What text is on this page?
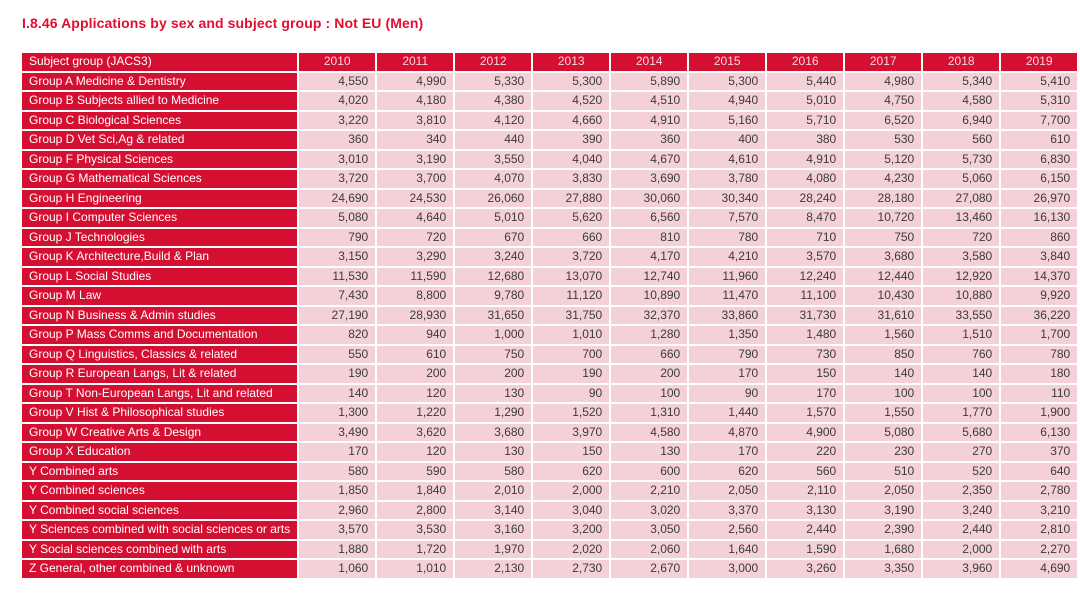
I.8.46 Applications by sex and subject group : Not EU (Men)
Subject group (JACS3)	2010	2011	2012	2013	2014	2015	2016	2017	2018	2019
Group A Medicine & Dentistry	4,550	4,990	5,330	5,300	5,890	5,300	5,440	4,980	5,340	5,410
Group B Subjects allied to Medicine	4,020	4,180	4,380	4,520	4,510	4,940	5,010	4,750	4,580	5,310
Group C Biological Sciences	3,220	3,810	4,120	4,660	4,910	5,160	5,710	6,520	6,940	7,700
Group D Vet Sci,Ag & related	360	340	440	390	360	400	380	530	560	610
Group F Physical Sciences	3,010	3,190	3,550	4,040	4,670	4,610	4,910	5,120	5,730	6,830
Group G Mathematical Sciences	3,720	3,700	4,070	3,830	3,690	3,780	4,080	4,230	5,060	6,150
Group H Engineering	24,690	24,530	26,060	27,880	30,060	30,340	28,240	28,180	27,080	26,970
Group I Computer Sciences	5,080	4,640	5,010	5,620	6,560	7,570	8,470	10,720	13,460	16,130
Group J Technologies	790	720	670	660	810	780	710	750	720	860
Group K Architecture,Build & Plan	3,150	3,290	3,240	3,720	4,170	4,210	3,570	3,680	3,580	3,840
Group L Social Studies	11,530	11,590	12,680	13,070	12,740	11,960	12,240	12,440	12,920	14,370
Group M Law	7,430	8,800	9,780	11,120	10,890	11,470	11,100	10,430	10,880	9,920
Group N Business & Admin studies	27,190	28,930	31,650	31,750	32,370	33,860	31,730	31,610	33,550	36,220
Group P Mass Comms and Documentation	820	940	1,000	1,010	1,280	1,350	1,480	1,560	1,510	1,700
Group Q Linguistics, Classics & related	550	610	750	700	660	790	730	850	760	780
Group R European Langs, Lit & related	190	200	200	190	200	170	150	140	140	180
Group T Non-European Langs, Lit and related	140	120	130	90	100	90	170	100	100	110
Group V Hist & Philosophical studies	1,300	1,220	1,290	1,520	1,310	1,440	1,570	1,550	1,770	1,900
Group W Creative Arts & Design	3,490	3,620	3,680	3,970	4,580	4,870	4,900	5,080	5,680	6,130
Group X Education	170	120	130	150	130	170	220	230	270	370
Y Combined arts	580	590	580	620	600	620	560	510	520	640
Y Combined sciences	1,850	1,840	2,010	2,000	2,210	2,050	2,110	2,050	2,350	2,780
Y Combined social sciences	2,960	2,800	3,140	3,040	3,020	3,370	3,130	3,190	3,240	3,210
Y Sciences combined with social sciences or arts	3,570	3,530	3,160	3,200	3,050	2,560	2,440	2,390	2,440	2,810
Y Social sciences combined with arts	1,880	1,720	1,970	2,020	2,060	1,640	1,590	1,680	2,000	2,270
Z General, other combined & unknown	1,060	1,010	2,130	2,730	2,670	3,000	3,260	3,350	3,960	4,690
